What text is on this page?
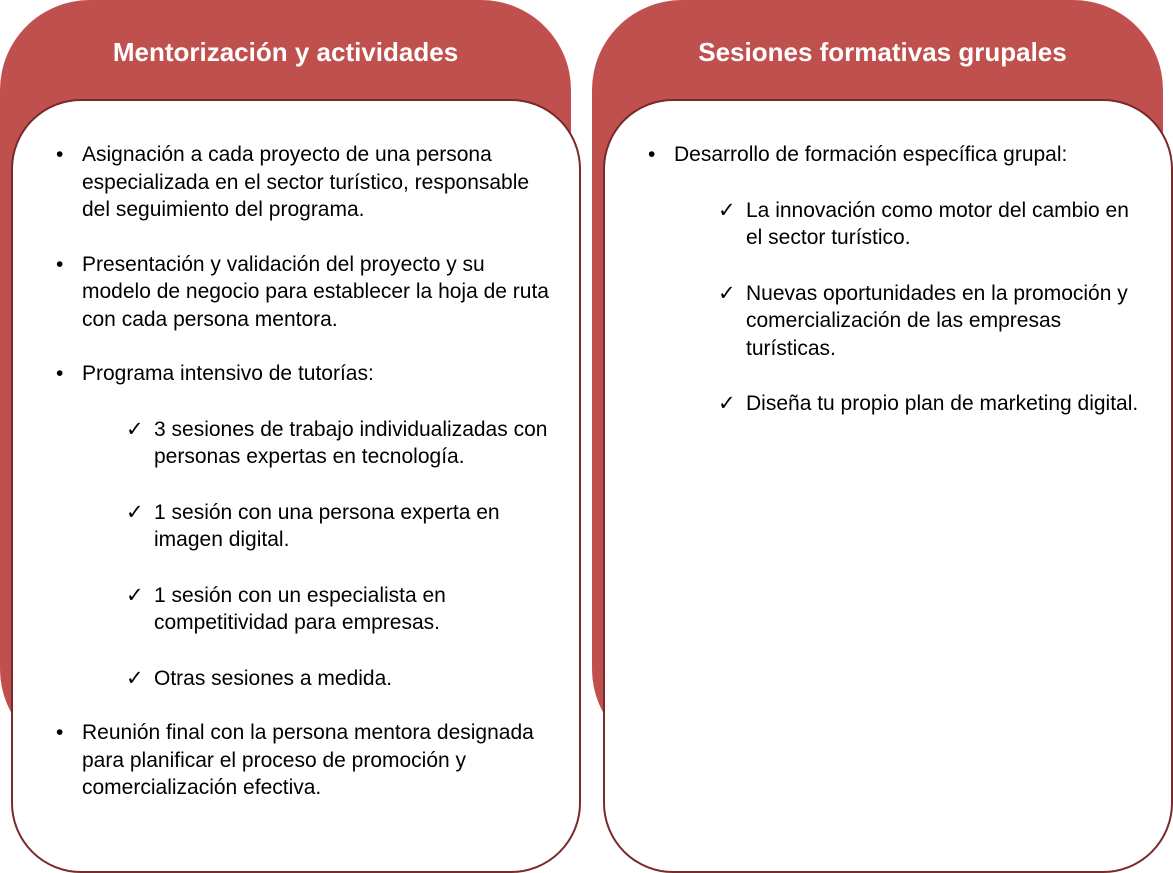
Mentorización y actividades
• Asignación a cada proyecto de una persona especializada en el sector turístico, responsable del seguimiento del programa.
• Presentación y validación del proyecto y su modelo de negocio para establecer la hoja de ruta con cada persona mentora.
• Programa intensivo de tutorías:
✓ 3 sesiones de trabajo individualizadas con personas expertas en tecnología.
✓ 1 sesión con una persona experta en imagen digital.
✓ 1 sesión con un especialista en competitividad para empresas.
✓ Otras sesiones a medida.
• Reunión final con la persona mentora designada para planificar el proceso de promoción y comercialización efectiva.
Sesiones formativas grupales
• Desarrollo de formación específica grupal:
✓ La innovación como motor del cambio en el sector turístico.
✓ Nuevas oportunidades en la promoción y comercialización de las empresas turísticas.
✓ Diseña tu propio plan de marketing digital.
